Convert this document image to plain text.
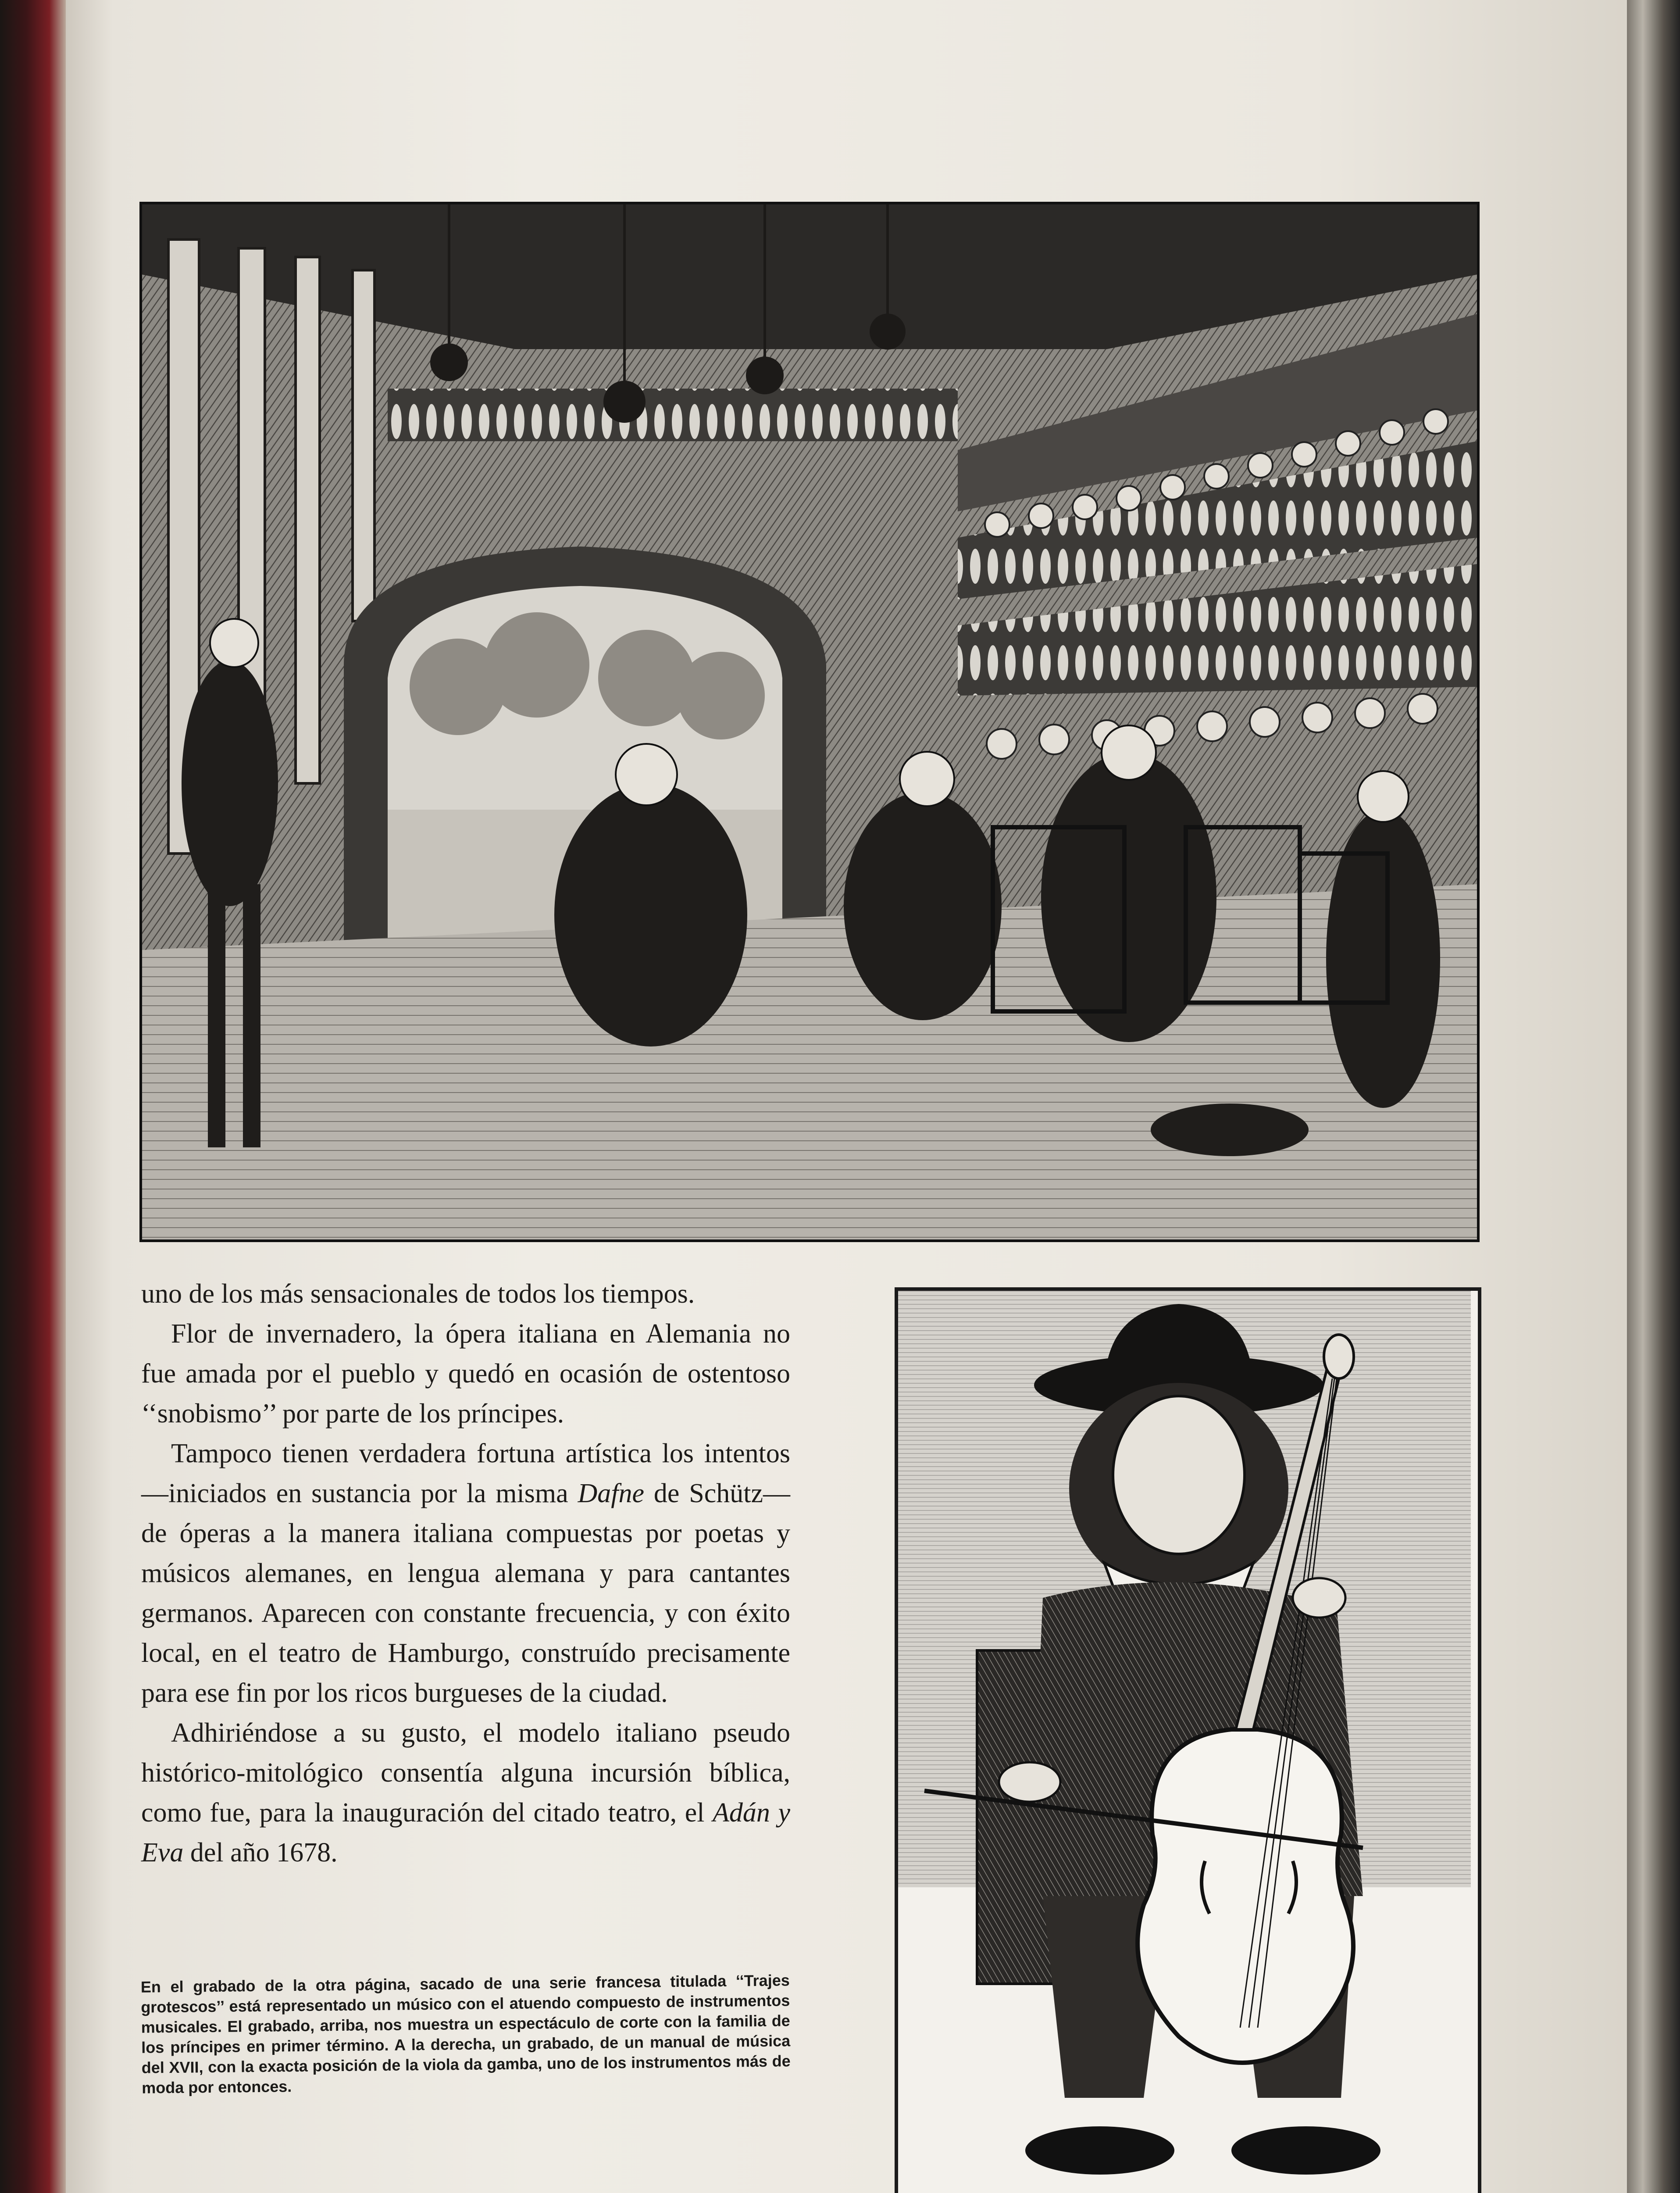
uno de los más sensacionales de todos los tiempos.

Flor de invernadero, la ópera italiana en Alemania no fue amada por el pueblo y quedó en ocasión de ostentoso ‘‘snobismo’’ por parte de los príncipes.

Tampoco tienen verdadera fortuna artística los intentos —iniciados en sustancia por la misma Dafne de Schütz— de óperas a la manera italiana compuestas por poetas y músicos alemanes, en lengua alemana y para cantantes germanos. Aparecen con constante frecuencia, y con éxito local, en el teatro de Hamburgo, construído precisamente para ese fin por los ricos burgueses de la ciudad.

Adhiriéndose a su gusto, el modelo italiano pseudo histórico-mitológico consentía alguna incursión bíblica, como fue, para la inauguración del citado teatro, el Adán y Eva del año 1678.

En el grabado de la otra página, sacado de una serie francesa titulada ‘‘Trajes grotescos’’ está representado un músico con el atuendo compuesto de instrumentos musicales. El grabado, arriba, nos muestra un espectáculo de corte con la familia de los príncipes en primer término. A la derecha, un grabado, de un manual de música del XVII, con la exacta posición de la viola da gamba, uno de los instrumentos más de moda por entonces.
